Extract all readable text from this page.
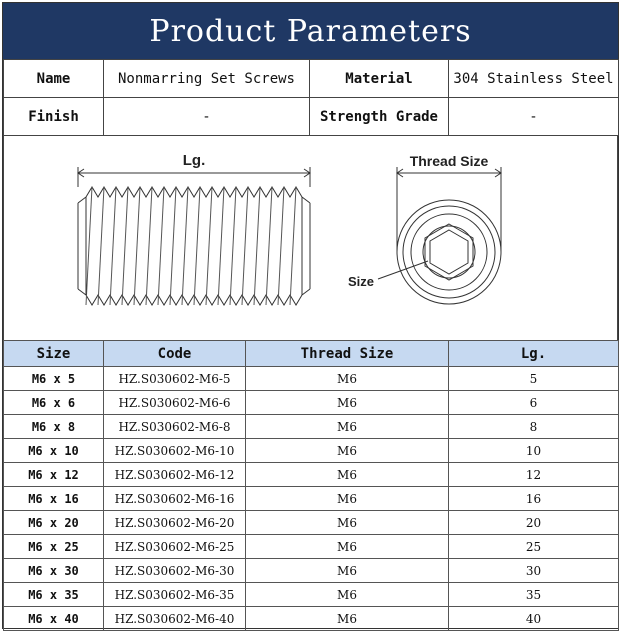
Product Parameters
Name	Nonmarring Set Screws	Material	304 Stainless Steel
Finish	-	Strength Grade	-
Lg.	Thread Size
Size
Size	Code	Thread Size	Lg.
M6 x 5	HZ.S030602-M6-5	M6	5
M6 x 6	HZ.S030602-M6-6	M6	6
M6 x 8	HZ.S030602-M6-8	M6	8
M6 x 10	HZ.S030602-M6-10	M6	10
M6 x 12	HZ.S030602-M6-12	M6	12
M6 x 16	HZ.S030602-M6-16	M6	16
M6 x 20	HZ.S030602-M6-20	M6	20
M6 x 25	HZ.S030602-M6-25	M6	25
M6 x 30	HZ.S030602-M6-30	M6	30
M6 x 35	HZ.S030602-M6-35	M6	35
M6 x 40	HZ.S030602-M6-40	M6	40
